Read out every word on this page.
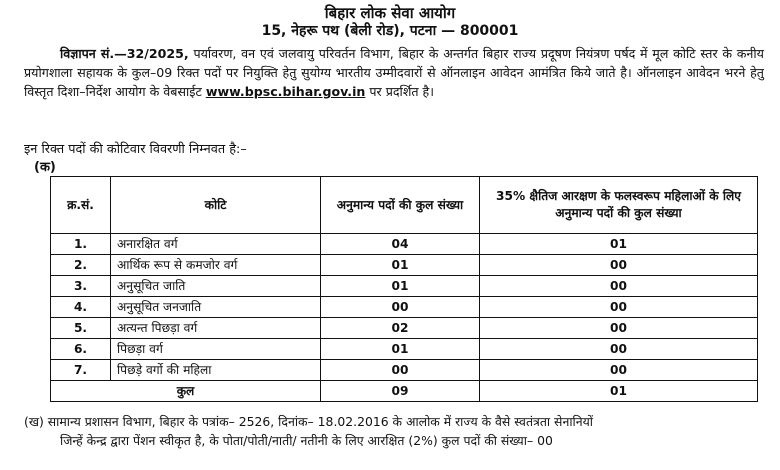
बिहार लोक सेवा आयोग
15, नेहरू पथ (बेली रोड), पटना — 800001
विज्ञापन सं.—32/2025, पर्यावरण, वन एवं जलवायु परिवर्तन विभाग, बिहार के अन्तर्गत बिहार राज्य प्रदूषण नियंत्रण पर्षद में मूल कोटि स्तर के कनीय प्रयोगशाला सहायक के कुल–09 रिक्त पदों पर नियुक्ति हेतु सुयोग्य भारतीय उम्मीदवारों से ऑनलाइन आवेदन आमंत्रित किये जाते है। ऑनलाइन आवेदन भरने हेतु विस्तृत दिशा–निर्देश आयोग के वेबसाईट www.bpsc.bihar.gov.in पर प्रदर्शित है।
इन रिक्त पदों की कोटिवार विवरणी निम्नवत है:–
(क)
क्र.सं.	कोटि	अनुमान्य पदों की कुल संख्या	35% क्षैतिज आरक्षण के फलस्वरूप महिलाओं के लिए अनुमान्य पदों की कुल संख्या
1.	अनारक्षित वर्ग	04	01
2.	आर्थिक रूप से कमजोर वर्ग	01	00
3.	अनुसूचित जाति	01	00
4.	अनुसूचित जनजाति	00	00
5.	अत्यन्त पिछड़ा वर्ग	02	00
6.	पिछड़ा वर्ग	01	00
7.	पिछड़े वर्गो की महिला	00	00
कुल		09	01
(ख) सामान्य प्रशासन विभाग, बिहार के पत्रांक– 2526, दिनांक– 18.02.2016 के आलोक में राज्य के वैसे स्वतंत्रता सेनानियों
जिन्हें केन्द्र द्वारा पेंशन स्वीकृत है, के पोता/पोती/नाती/ नतीनी के लिए आरक्षित (2%) कुल पदों की संख्या– 00
